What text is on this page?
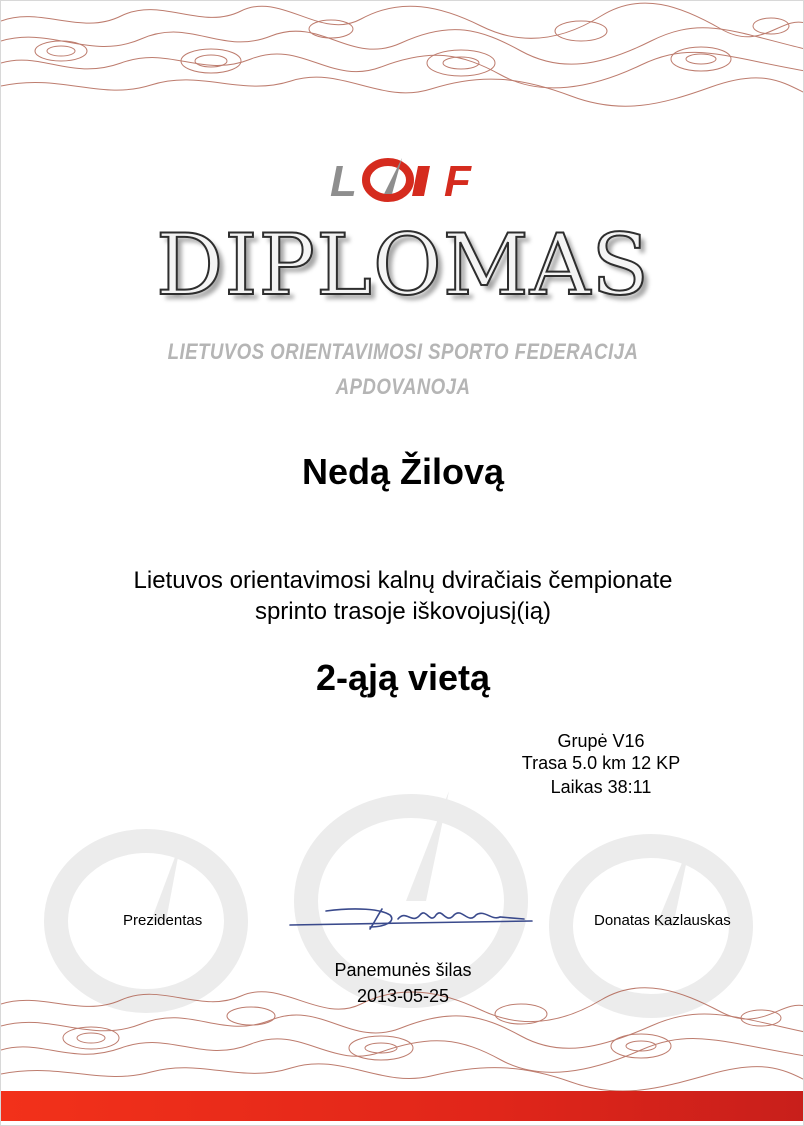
L F
DIPLOMAS
LIETUVOS ORIENTAVIMOSI SPORTO FEDERACIJA
APDOVANOJA
Nedą Žilovą
Lietuvos orientavimosi kalnų dviračiais čempionate
sprinto trasoje iškovojusį(ią)
2-ąją vietą
Grupė V16
Trasa 5.0 km 12 KP
Laikas 38:11
Prezidentas	Donatas Kazlauskas
Panemunės šilas
2013-05-25
